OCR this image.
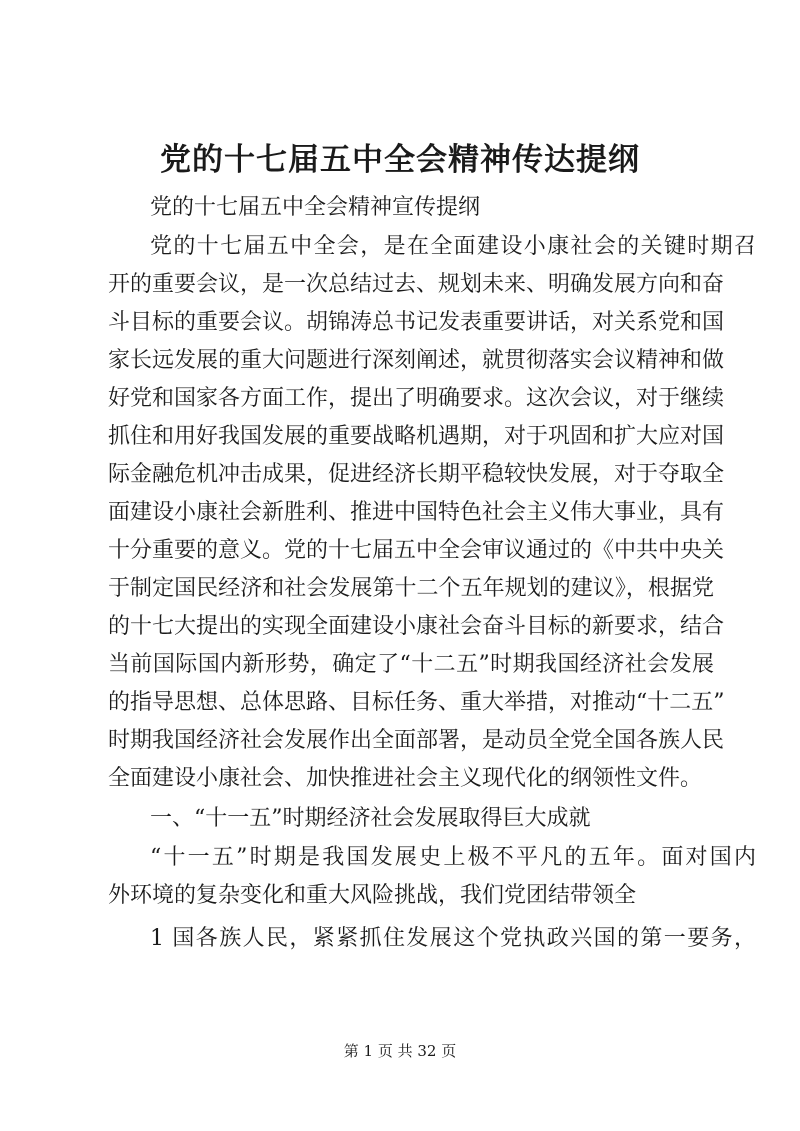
党的十七届五中全会精神传达提纲

党的十七届五中全会精神宣传提纲

党的十七届五中全会，是在全面建设小康社会的关键时期召

开的重要会议，是一次总结过去、规划未来、明确发展方向和奋

斗目标的重要会议。胡锦涛总书记发表重要讲话，对关系党和国

家长远发展的重大问题进行深刻阐述，就贯彻落实会议精神和做

好党和国家各方面工作，提出了明确要求。这次会议，对于继续

抓住和用好我国发展的重要战略机遇期，对于巩固和扩大应对国

际金融危机冲击成果，促进经济长期平稳较快发展，对于夺取全

面建设小康社会新胜利、推进中国特色社会主义伟大事业，具有

十分重要的意义。党的十七届五中全会审议通过的《中共中央关

于制定国民经济和社会发展第十二个五年规划的建议》，根据党

的十七大提出的实现全面建设小康社会奋斗目标的新要求，结合

当前国际国内新形势，确定了“十二五”时期我国经济社会发展

的指导思想、总体思路、目标任务、重大举措，对推动“十二五”

时期我国经济社会发展作出全面部署，是动员全党全国各族人民

全面建设小康社会、加快推进社会主义现代化的纲领性文件。

一、“十一五”时期经济社会发展取得巨大成就

“十一五”时期是我国发展史上极不平凡的五年。面对国内

外环境的复杂变化和重大风险挑战，我们党团结带领全

1 国各族人民，紧紧抓住发展这个党执政兴国的第一要务，

第 1 页 共 32 页
